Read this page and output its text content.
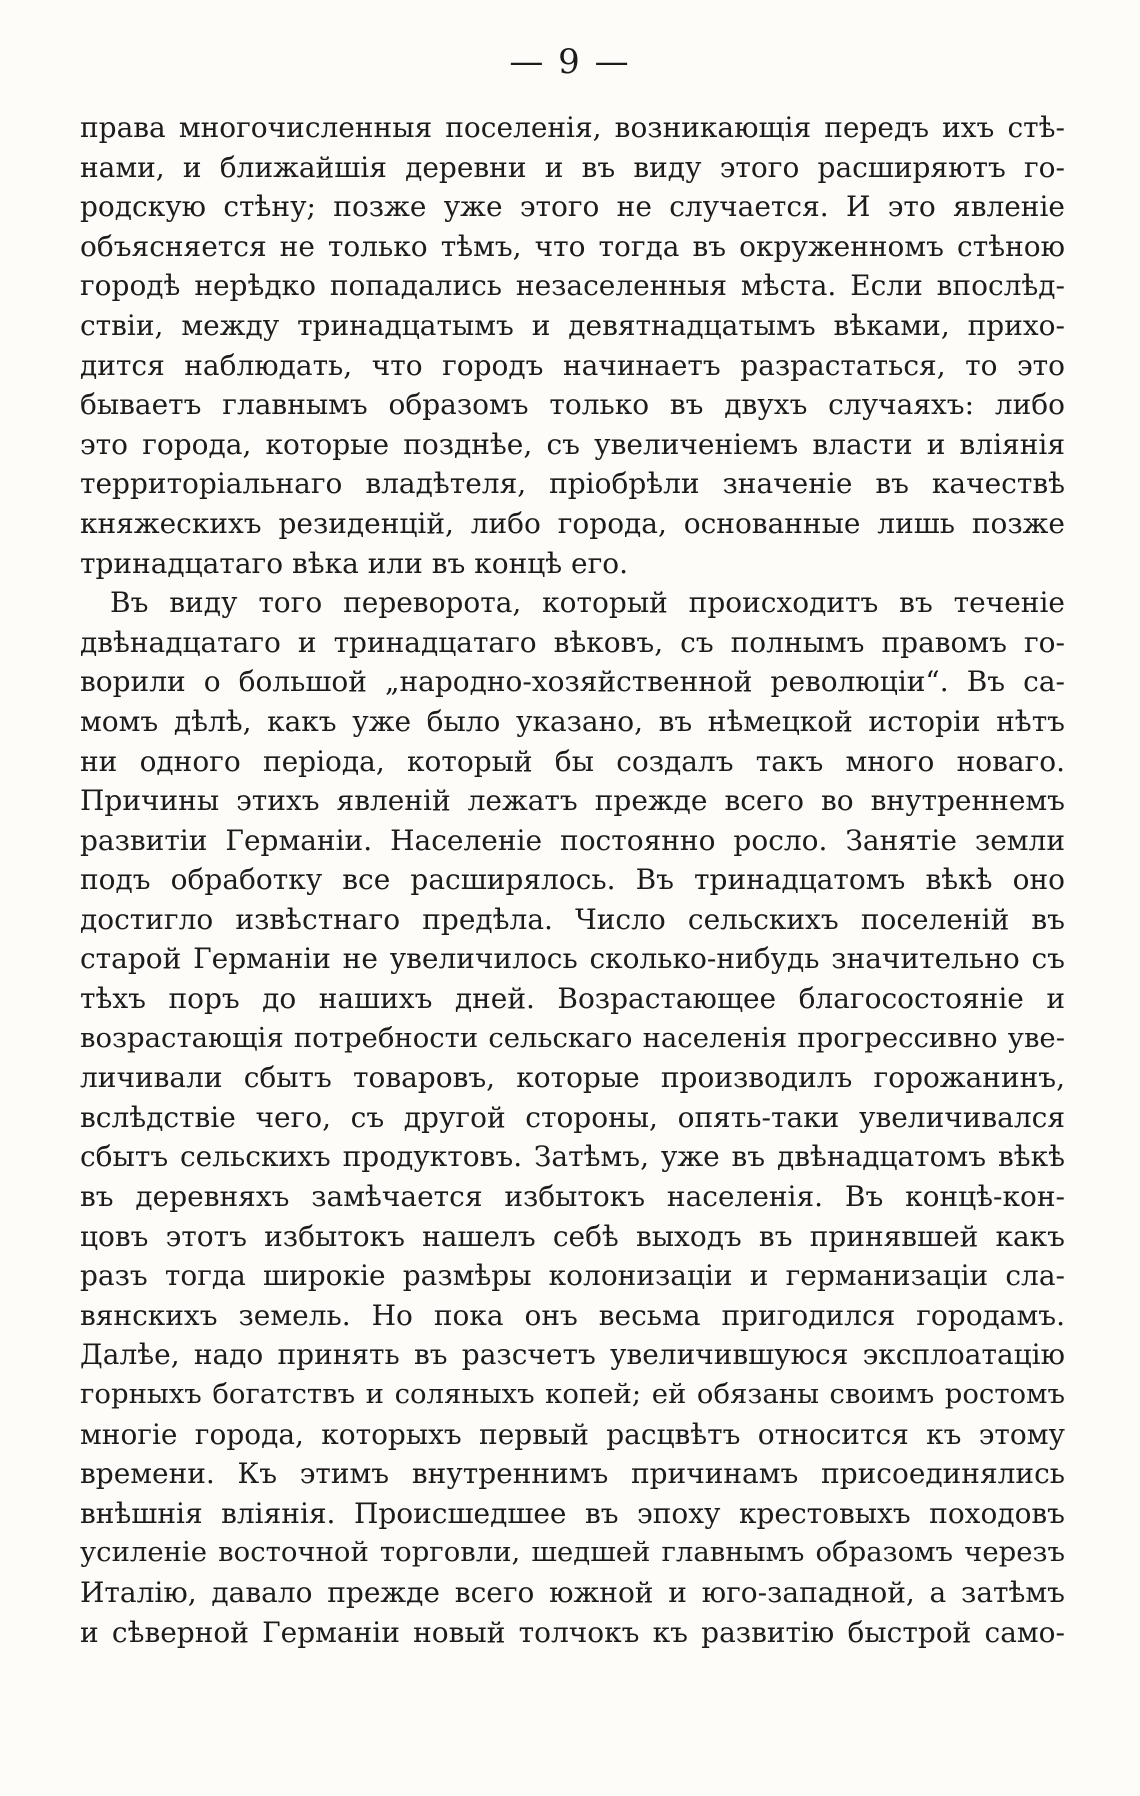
— 9 —
права многочисленныя поселенія, возникающія передъ ихъ стѣ-
нами, и ближайшія деревни и въ виду этого расширяютъ го-
родскую стѣну; позже уже этого не случается. И это явленіе
объясняется не только тѣмъ, что тогда въ окруженномъ стѣною
городѣ нерѣдко попадались незаселенныя мѣста. Если впослѣд-
ствіи, между тринадцатымъ и девятнадцатымъ вѣками, прихо-
дится наблюдать, что городъ начинаетъ разрастаться, то это
бываетъ главнымъ образомъ только въ двухъ случаяхъ: либо
это города, которые позднѣе, съ увеличеніемъ власти и вліянія
территоріальнаго владѣтеля, пріобрѣли значеніе въ качествѣ
княжескихъ резиденцій, либо города, основанные лишь позже
тринадцатаго вѣка или въ концѣ его.
Въ виду того переворота, который происходитъ въ теченіе
двѣнадцатаго и тринадцатаго вѣковъ, съ полнымъ правомъ го-
ворили о большой „народно-хозяйственной революціи“. Въ са-
момъ дѣлѣ, какъ уже было указано, въ нѣмецкой исторіи нѣтъ
ни одного періода, который бы создалъ такъ много новаго.
Причины этихъ явленій лежатъ прежде всего во внутреннемъ
развитіи Германіи. Населеніе постоянно росло. Занятіе земли
подъ обработку все расширялось. Въ тринадцатомъ вѣкѣ оно
достигло извѣстнаго предѣла. Число сельскихъ поселеній въ
старой Германіи не увеличилось сколько-нибудь значительно съ
тѣхъ поръ до нашихъ дней. Возрастающее благосостояніе и
возрастающія потребности сельскаго населенія прогрессивно уве-
личивали сбытъ товаровъ, которые производилъ горожанинъ,
вслѣдствіе чего, съ другой стороны, опять-таки увеличивался
сбытъ сельскихъ продуктовъ. Затѣмъ, уже въ двѣнадцатомъ вѣкѣ
въ деревняхъ замѣчается избытокъ населенія. Въ концѣ-кон-
цовъ этотъ избытокъ нашелъ себѣ выходъ въ принявшей какъ
разъ тогда широкіе размѣры колонизаціи и германизаціи сла-
вянскихъ земель. Но пока онъ весьма пригодился городамъ.
Далѣе, надо принять въ разсчетъ увеличившуюся эксплоатацію
горныхъ богатствъ и соляныхъ копей; ей обязаны своимъ ростомъ
многіе города, которыхъ первый расцвѣтъ относится къ этому
времени. Къ этимъ внутреннимъ причинамъ присоединялись
внѣшнія вліянія. Происшедшее въ эпоху крестовыхъ походовъ
усиленіе восточной торговли, шедшей главнымъ образомъ черезъ
Италію, давало прежде всего южной и юго-западной, а затѣмъ
и сѣверной Германіи новый толчокъ къ развитію быстрой само-
